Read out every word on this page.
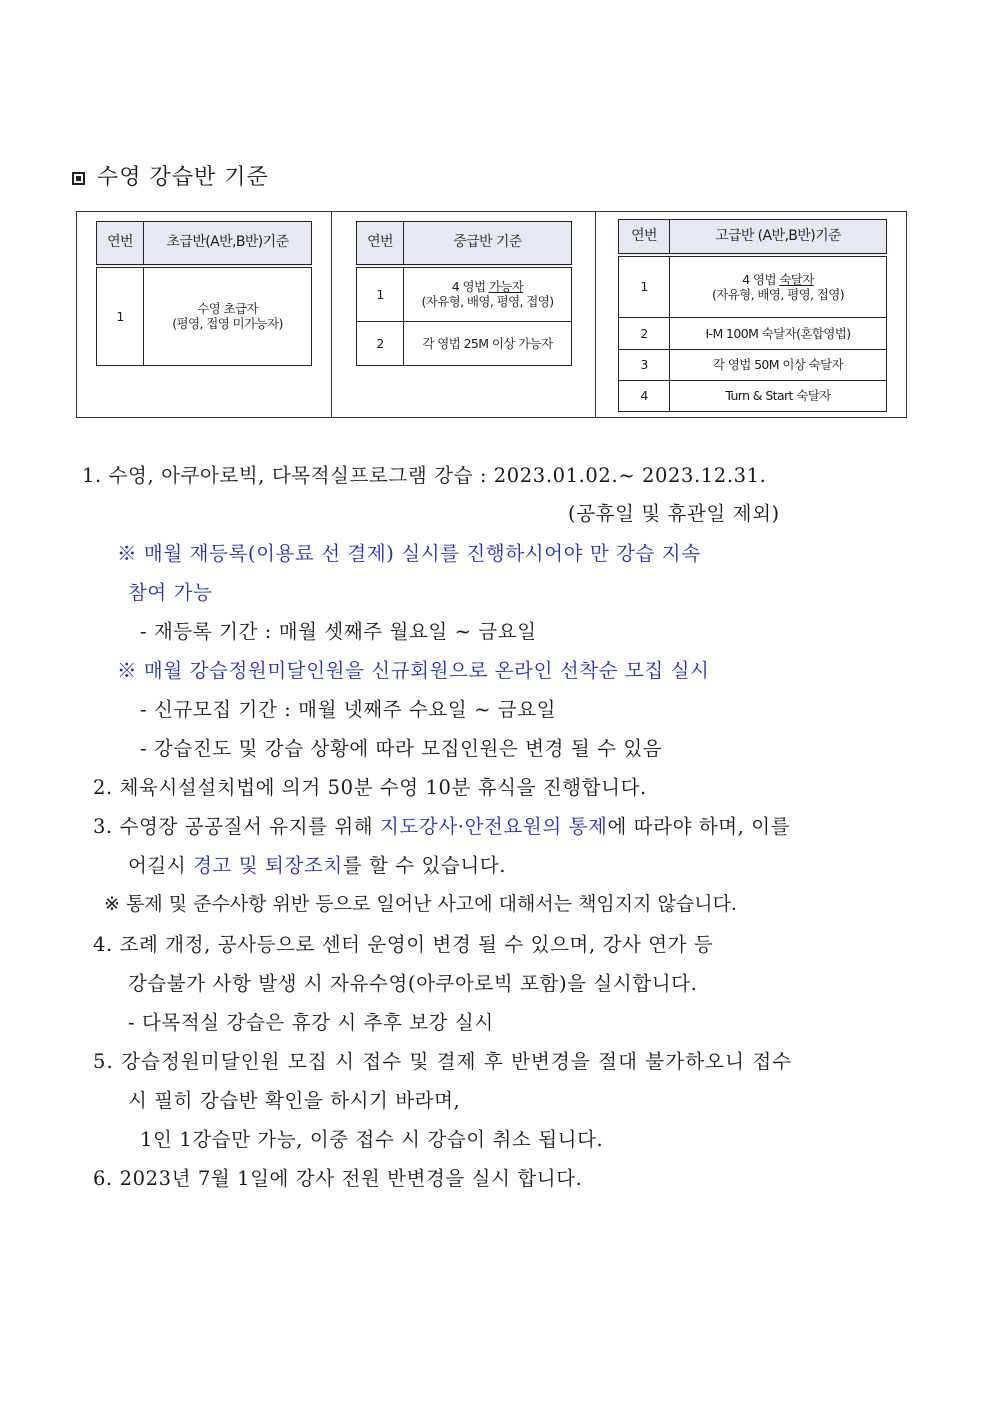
수영 강습반 기준
연번	초급반(A반,B반)기준
1	수영 초급자
(평영, 접영 미가능자)
연번	중급반 기준
1	4 영법 가능자
(자유형, 배영, 평영, 접영)

2	각 영법 25M 이상 가능자
연번	고급반 (A반,B반)기준
1	4 영법 숙달자
(자유형, 배영, 평영, 접영)

2	I-M 100M 숙달자(혼합영법)
3	각 영법 50M 이상 숙달자
4	Turn & Start 숙달자
1. 수영, 아쿠아로빅, 다목적실프로그램 강습 : 2023.01.02.~ 2023.12.31.
(공휴일 및 휴관일 제외)
※ 매월 재등록(이용료 선 결제) 실시를 진행하시어야 만 강습 지속
참여 가능
- 재등록 기간 : 매월 셋째주 월요일 ~ 금요일
※ 매월 강습정원미달인원을 신규회원으로 온라인 선착순 모집 실시
- 신규모집 기간 : 매월 넷째주 수요일 ~ 금요일
- 강습진도 및 강습 상황에 따라 모집인원은 변경 될 수 있음
2. 체육시설설치법에 의거 50분 수영 10분 휴식을 진행합니다.
3. 수영장 공공질서 유지를 위해 지도강사·안전요원의 통제에 따라야 하며, 이를
어길시 경고 및 퇴장조치를 할 수 있습니다.
※ 통제 및 준수사항 위반 등으로 일어난 사고에 대해서는 책임지지 않습니다.
4. 조례 개정, 공사등으로 센터 운영이 변경 될 수 있으며, 강사 연가 등
강습불가 사항 발생 시 자유수영(아쿠아로빅 포함)을 실시합니다.
- 다목적실 강습은 휴강 시 추후 보강 실시
5. 강습정원미달인원 모집 시 접수 및 결제 후 반변경을 절대 불가하오니 접수
시 필히 강습반 확인을 하시기 바라며,
1인 1강습만 가능, 이중 접수 시 강습이 취소 됩니다.
6. 2023년 7월 1일에 강사 전원 반변경을 실시 합니다.
